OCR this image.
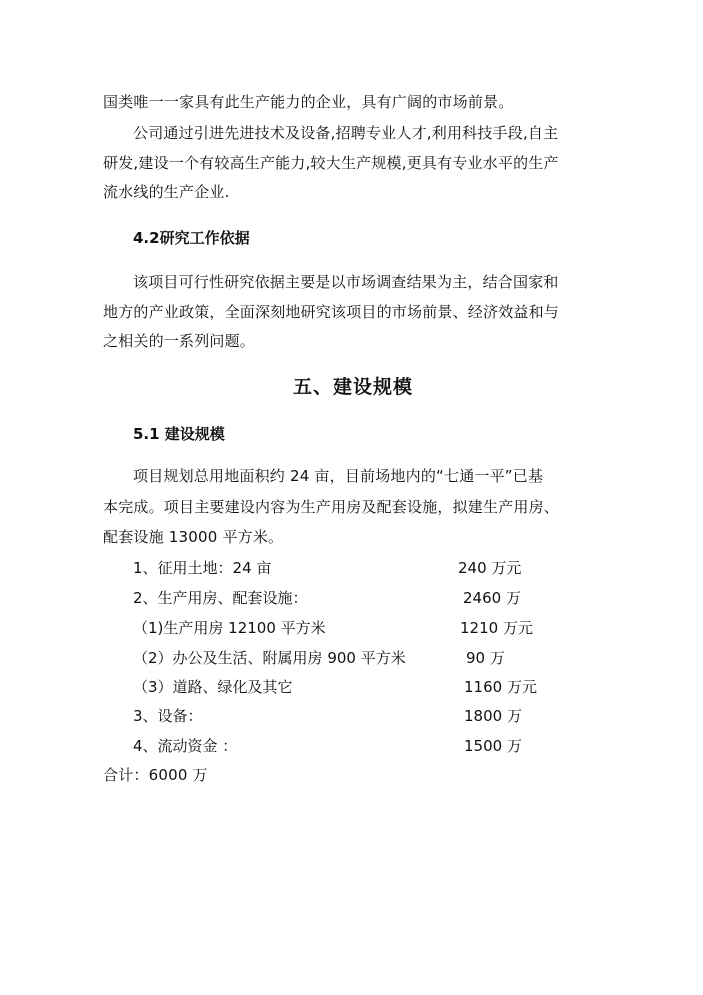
国类唯一一家具有此生产能力的企业，具有广阔的市场前景。
公司通过引进先进技术及设备,招聘专业人才,利用科技手段,自主
研发,建设一个有较高生产能力,较大生产规模,更具有专业水平的生产
流水线的生产企业.
4.2研究工作依据
该项目可行性研究依据主要是以市场调查结果为主，结合国家和
地方的产业政策，全面深刻地研究该项目的市场前景、经济效益和与
之相关的一系列问题。
五、建设规模
5.1 建设规模
项目规划总用地面积约 24 亩，目前场地内的“七通一平”已基
本完成。项目主要建设内容为生产用房及配套设施，拟建生产用房、
配套设施 13000 平方米。
1、征用土地：24 亩	240 万元
2、生产用房、配套设施：	2460 万
（1)生产用房 12100 平方米	1210 万元
（2）办公及生活、附属用房 900 平方米	90 万
（3）道路、绿化及其它	1160 万元
3、设备：	1800 万
4、流动资金 ：	1500 万
合计：6000 万
